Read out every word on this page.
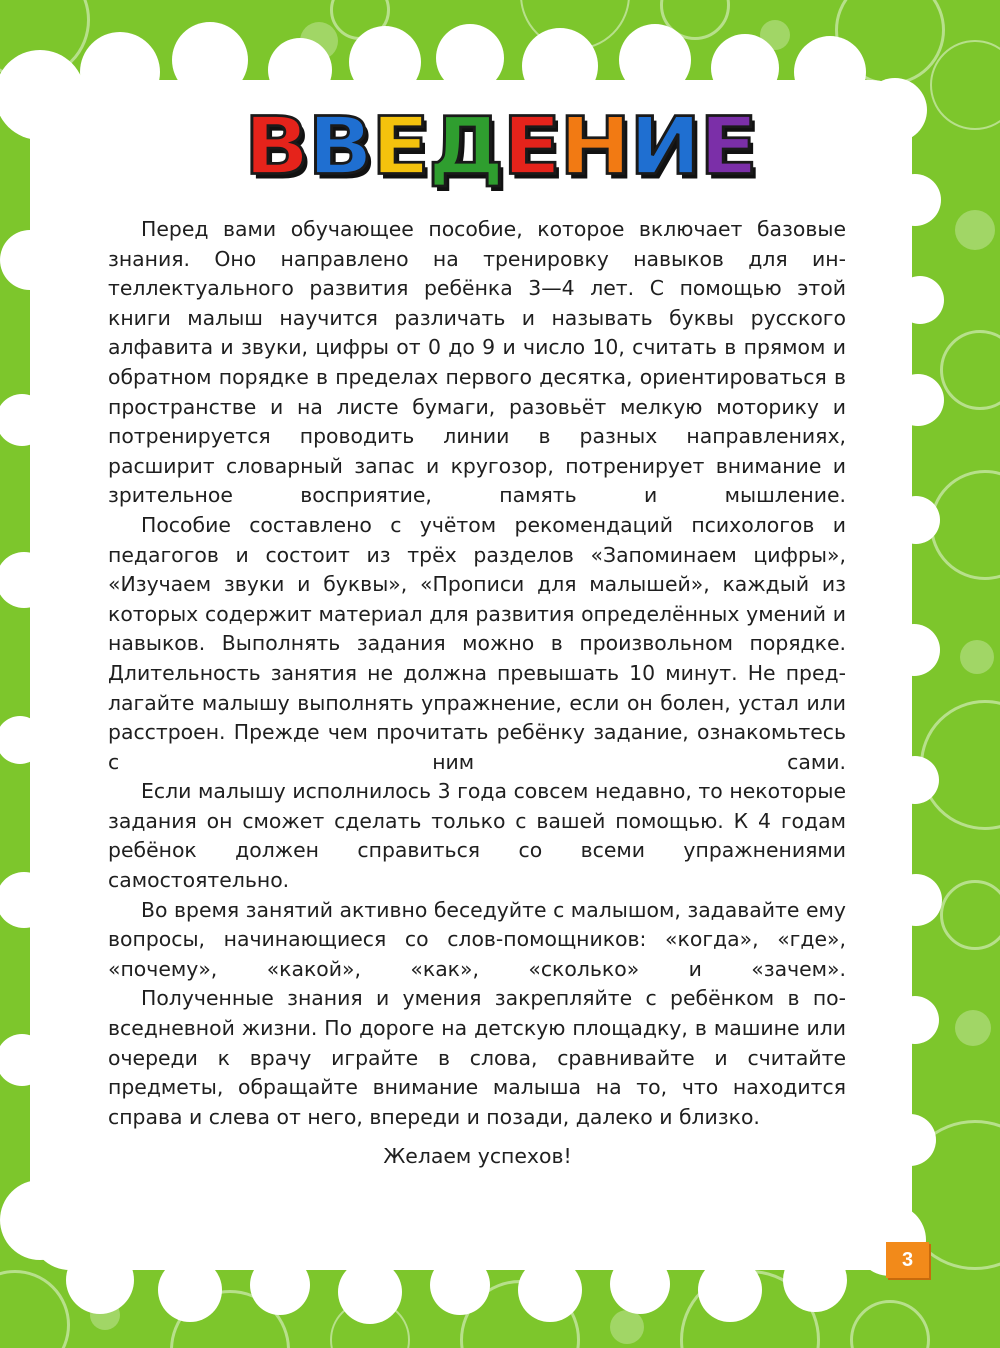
ВВЕДЕНИЕ

Перед вами обучающее пособие, которое включает базовые знания. Оно направлено на тренировку навыков для интеллектуального развития ребёнка 3—4 лет. С помощью этой книги малыш научится различать и называть буквы русского алфавита и звуки, цифры от 0 до 9 и число 10, считать в прямом и обратном порядке в пределах первого десятка, ориентироваться в пространстве и на листе бумаги, разовьёт мелкую моторику и потренируется проводить линии в разных направлениях, расширит словарный запас и кругозор, потренирует внимание и зрительное восприятие, память и мышление.

Пособие составлено с учётом рекомендаций психологов и педагогов и состоит из трёх разделов «Запоминаем цифры», «Изучаем звуки и буквы», «Прописи для малышей», каждый из которых содержит материал для развития определённых умений и навыков. Выполнять задания можно в произвольном порядке. Длительность занятия не должна превышать 10 минут. Не предлагайте малышу выполнять упражнение, если он болен, устал или расстроен. Прежде чем прочитать ребёнку задание, ознакомьтесь с ним сами.

Если малышу исполнилось 3 года совсем недавно, то некоторые задания он сможет сделать только с вашей помощью. К 4 годам ребёнок должен справиться со всеми упражнениями самостоятельно.

Во время занятий активно беседуйте с малышом, задавайте ему вопросы, начинающиеся со слов-помощников: «когда», «где», «почему», «какой», «как», «сколько» и «зачем».

Полученные знания и умения закрепляйте с ребёнком в повседневной жизни. По дороге на детскую площадку, в машине или очереди к врачу играйте в слова, сравнивайте и считайте предметы, обращайте внимание малыша на то, что находится справа и слева от него, впереди и позади, далеко и близко.

Желаем успехов!
3
